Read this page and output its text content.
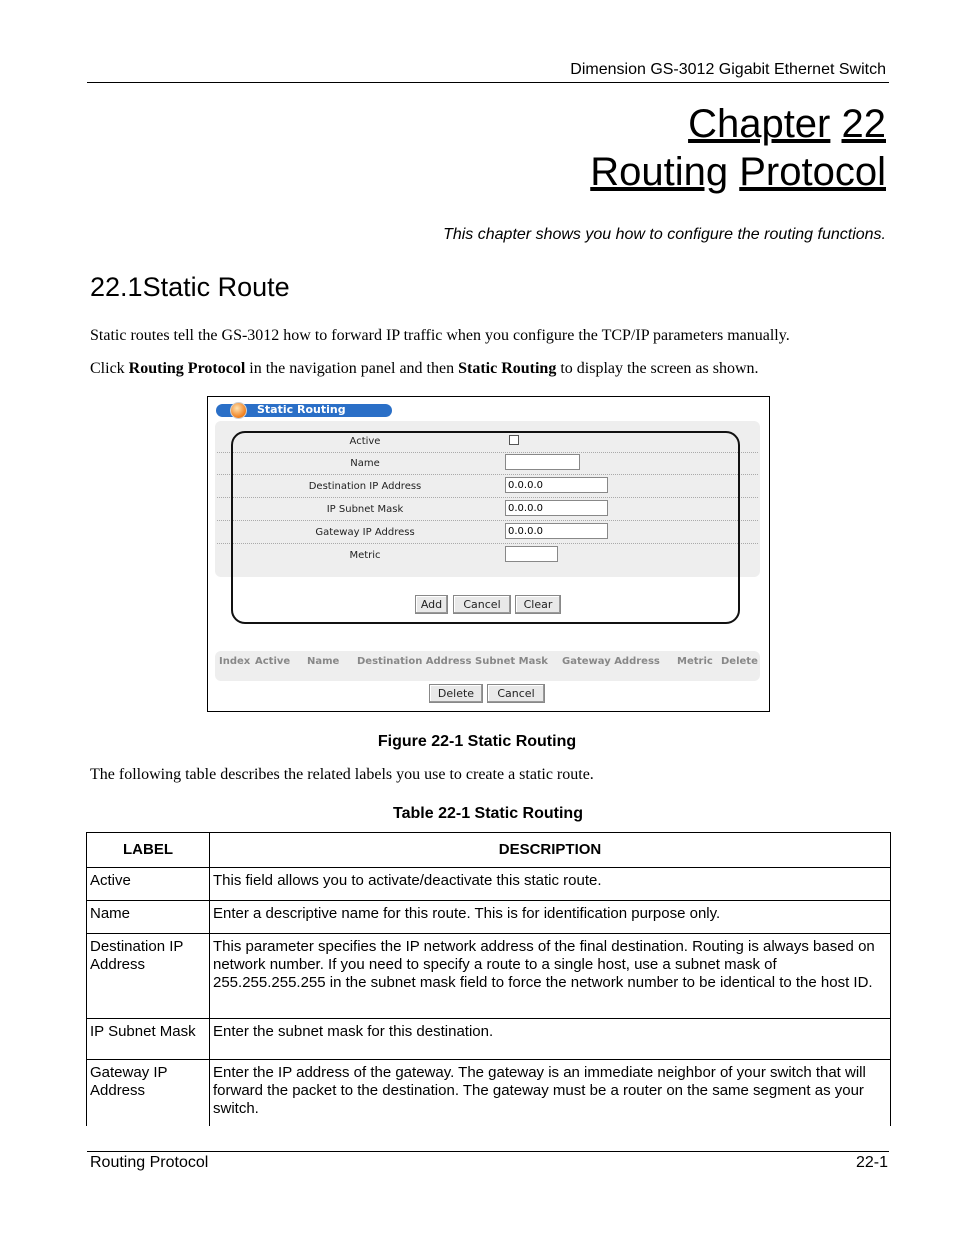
Dimension GS-3012 Gigabit Ethernet Switch
Chapter 22
Routing Protocol
This chapter shows you how to configure the routing functions.
22.1Static Route
Static routes tell the GS-3012 how to forward IP traffic when you configure the TCP/IP parameters manually.
Click Routing Protocol in the navigation panel and then Static Routing to display the screen as shown.
Static Routing
Active
Name
Destination IP Address	0.0.0.0
IP Subnet Mask	0.0.0.0
Gateway IP Address	0.0.0.0
Metric
Add	Cancel	Clear
Index Active Name Destination Address Subnet Mask Gateway Address Metric Delete
Delete	Cancel
Figure 22-1 Static Routing
The following table describes the related labels you use to create a static route.
Table 22-1 Static Routing
LABEL	DESCRIPTION
Active	This field allows you to activate/deactivate this static route.
Name	Enter a descriptive name for this route. This is for identification purpose only.
Destination IP Address	This parameter specifies the IP network address of the final destination. Routing is always based on network number. If you need to specify a route to a single host, use a subnet mask of 255.255.255.255 in the subnet mask field to force the network number to be identical to the host ID.
IP Subnet Mask	Enter the subnet mask for this destination.
Gateway IP Address	Enter the IP address of the gateway. The gateway is an immediate neighbor of your switch that will forward the packet to the destination. The gateway must be a router on the same segment as your switch.
Routing Protocol	22-1
